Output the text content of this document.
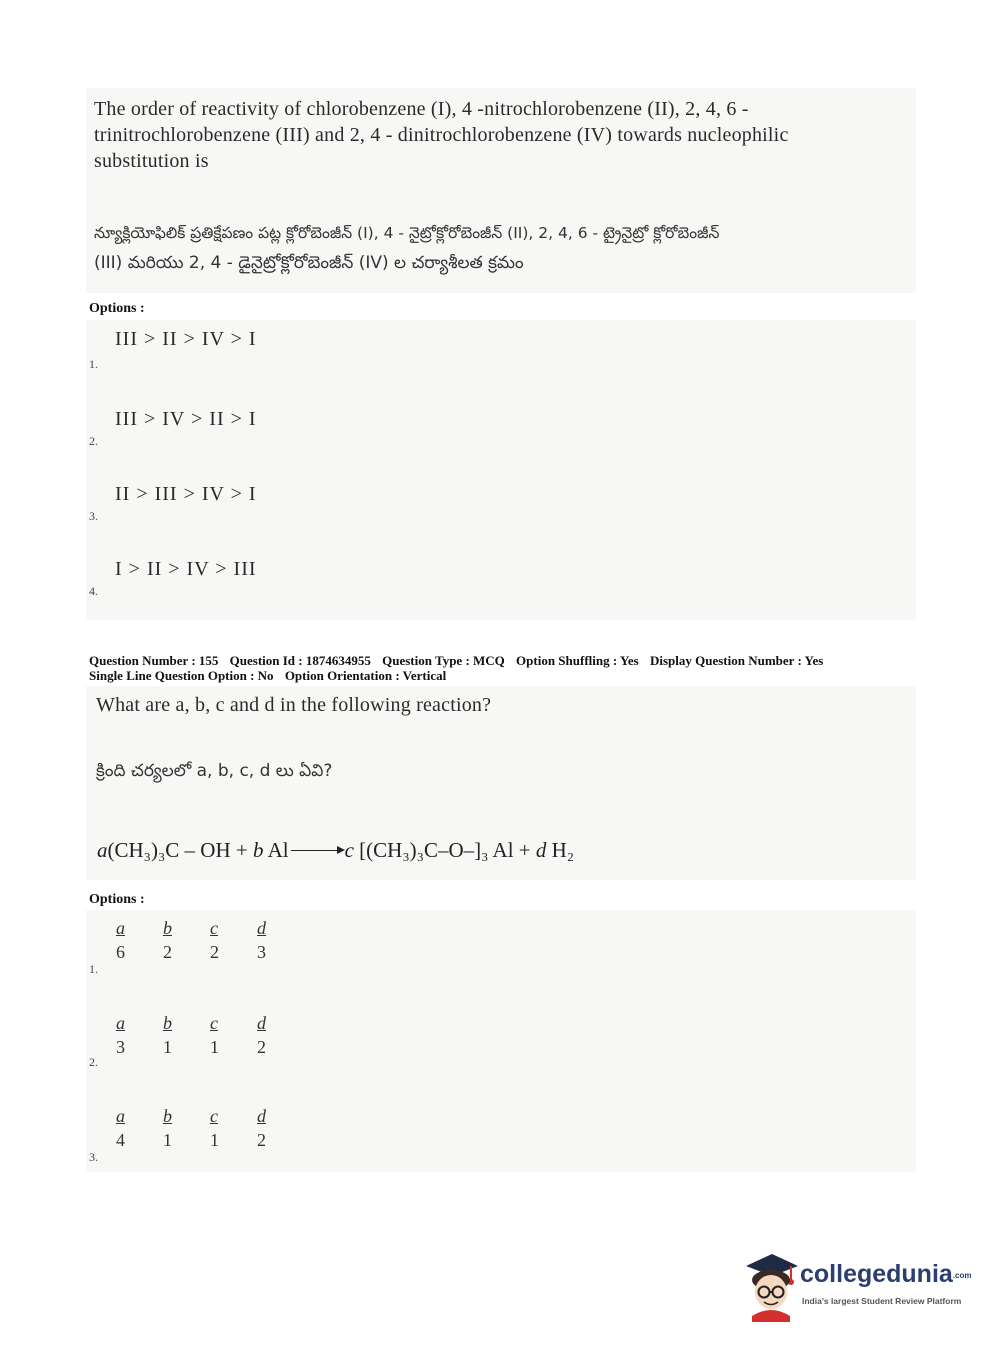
The order of reactivity of chlorobenzene (I), 4 -nitrochlorobenzene (II), 2, 4, 6 -
trinitrochlorobenzene (III) and 2, 4 - dinitrochlorobenzene (IV) towards nucleophilic
substitution is
న్యూక్లియోఫిలిక్ ప్రతిక్షేపణం పట్ల క్లోరోబెంజీన్ (I), 4 - నైట్రోక్లోరోబెంజీన్ (II), 2, 4, 6 - ట్రైనైట్రో క్లోరోబెంజీన్
(III) మరియు 2, 4 - డైనైట్రోక్లోరోబెంజీన్ (IV) ల చర్యాశీలత క్రమం
Options :
III > II > IV > I
1.
III > IV > II > I
2.
II > III > IV > I
3.
I > II > IV > III
4.
Question Number : 155 Question Id : 1874634955 Question Type : MCQ Option Shuffling : Yes Display Question Number : Yes
Single Line Question Option : No Option Orientation : Vertical
What are a, b, c and d in the following reaction?
క్రింది చర్యలలో a, b, c, d లు ఏవి?
a(CH₃)₃C – OH + b Al → c [(CH₃)₃C–O–]₃ Al + d H₂
Options :
$\frac{a}{6} \frac{b}{2} \frac{c}{2} \frac{d}{3}$
1.
$\frac{a}{3} \frac{b}{1} \frac{c}{1} \frac{d}{2}$
2.
$\frac{a}{4} \frac{b}{1} \frac{c}{1} \frac{d}{2}$
3.
collegedunia.com
India's largest Student Review Platform
